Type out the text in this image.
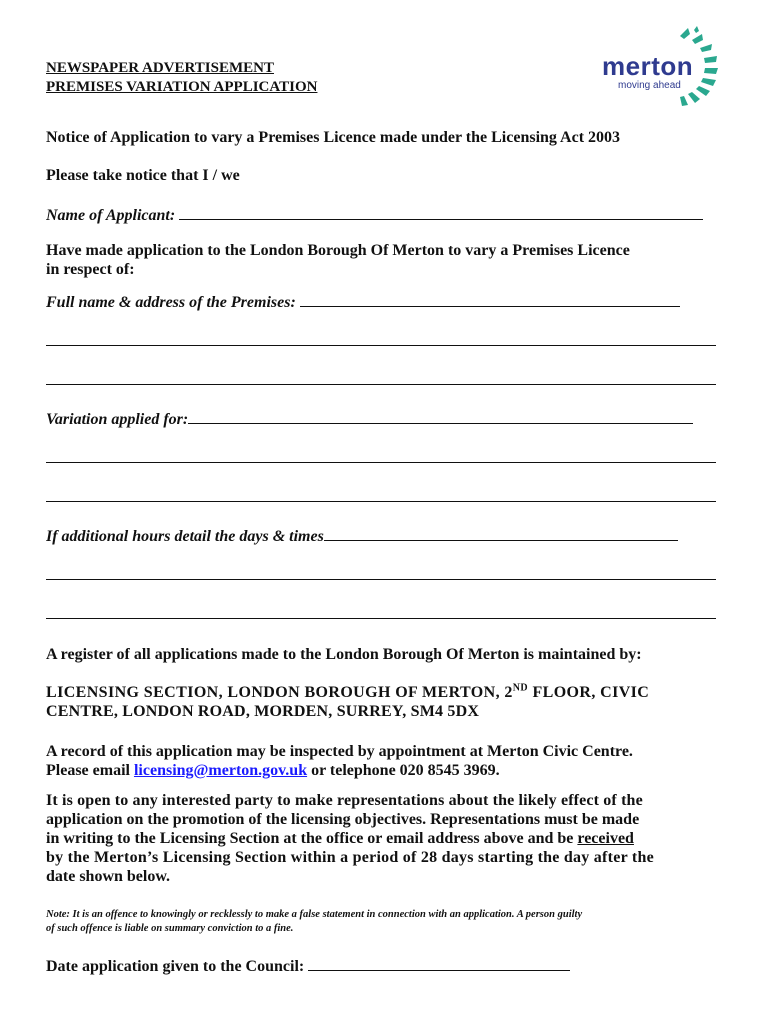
NEWSPAPER ADVERTISEMENT
PREMISES VARIATION APPLICATION
merton
moving ahead
Notice of Application to vary a Premises Licence made under the Licensing Act 2003
Please take notice that I / we
Name of Applicant:
Have made application to the London Borough Of Merton to vary a Premises Licence
in respect of:
Full name & address of the Premises:
Variation applied for:
If additional hours detail the days & times
A register of all applications made to the London Borough Of Merton is maintained by:
LICENSING SECTION, LONDON BOROUGH OF MERTON, 2ND FLOOR, CIVIC
CENTRE, LONDON ROAD, MORDEN, SURREY, SM4 5DX
A record of this application may be inspected by appointment at Merton Civic Centre.
Please email licensing@merton.gov.uk or telephone 020 8545 3969.
It is open to any interested party to make representations about the likely effect of the
application on the promotion of the licensing objectives. Representations must be made
in writing to the Licensing Section at the office or email address above and be received
by the Merton’s Licensing Section within a period of 28 days starting the day after the
date shown below.
Note: It is an offence to knowingly or recklessly to make a false statement in connection with an application. A person guilty
of such offence is liable on summary conviction to a fine.
Date application given to the Council:
